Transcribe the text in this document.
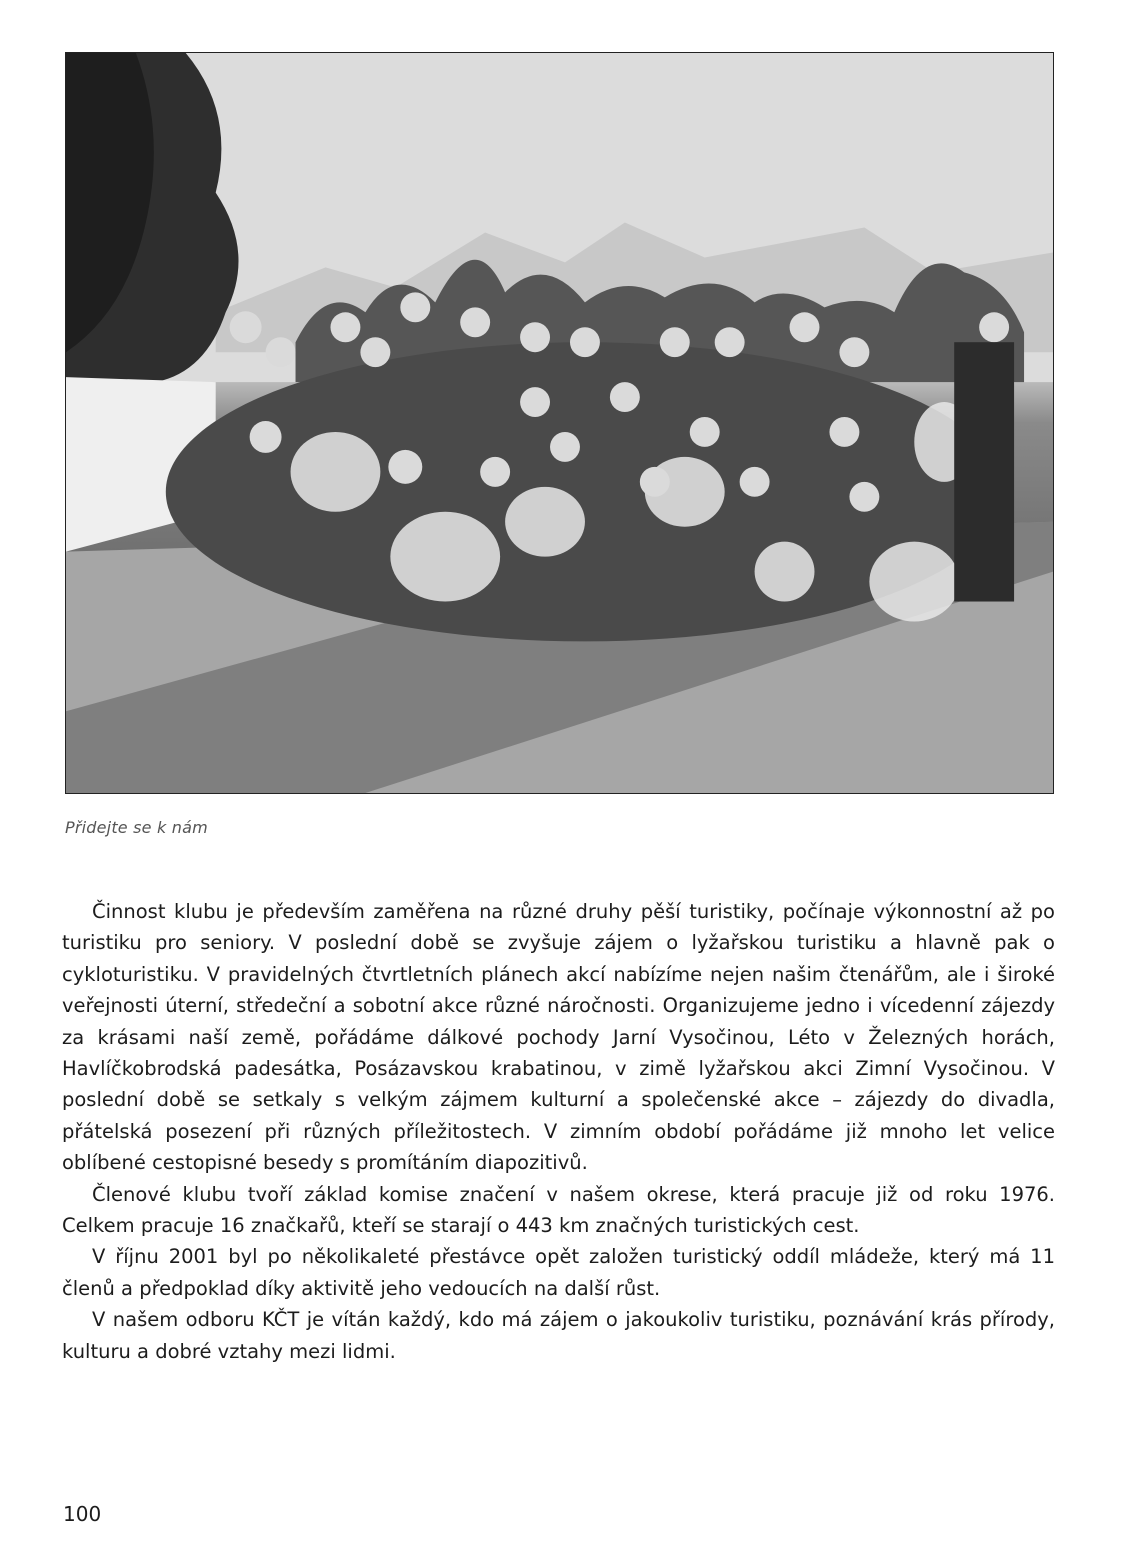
Přidejte se k nám

Činnost klubu je především zaměřena na různé druhy pěší turistiky, počínaje výkonnostní až po turistiku pro seniory. V poslední době se zvyšuje zájem o lyžařskou turistiku a hlavně pak o cykloturistiku. V pravidelných čtvrtletních plánech akcí nabízíme nejen našim čtenářům, ale i široké veřejnosti úterní, středeční a sobotní akce různé náročnosti. Organizujeme jedno i vícedenní zájezdy za krásami naší země, pořádáme dálkové pochody Jarní Vysočinou, Léto v Železných horách, Havlíčkobrodská padesátka, Posázavskou krabatinou, v zimě lyžařskou akci Zimní Vysočinou. V poslední době se setkaly s velkým zájmem kulturní a společenské akce – zájezdy do divadla, přátelská posezení při různých příležitostech. V zimním období pořádáme již mnoho let velice oblíbené cestopisné besedy s promítáním diapozitivů.

Členové klubu tvoří základ komise značení v našem okrese, která pracuje již od roku 1976. Celkem pracuje 16 značkařů, kteří se starají o 443 km značných turistických cest.

V říjnu 2001 byl po několikaleté přestávce opět založen turistický oddíl mládeže, který má 11 členů a předpoklad díky aktivitě jeho vedoucích na další růst.

V našem odboru KČT je vítán každý, kdo má zájem o jakoukoliv turistiku, poznávání krás přírody, kulturu a dobré vztahy mezi lidmi.

100
